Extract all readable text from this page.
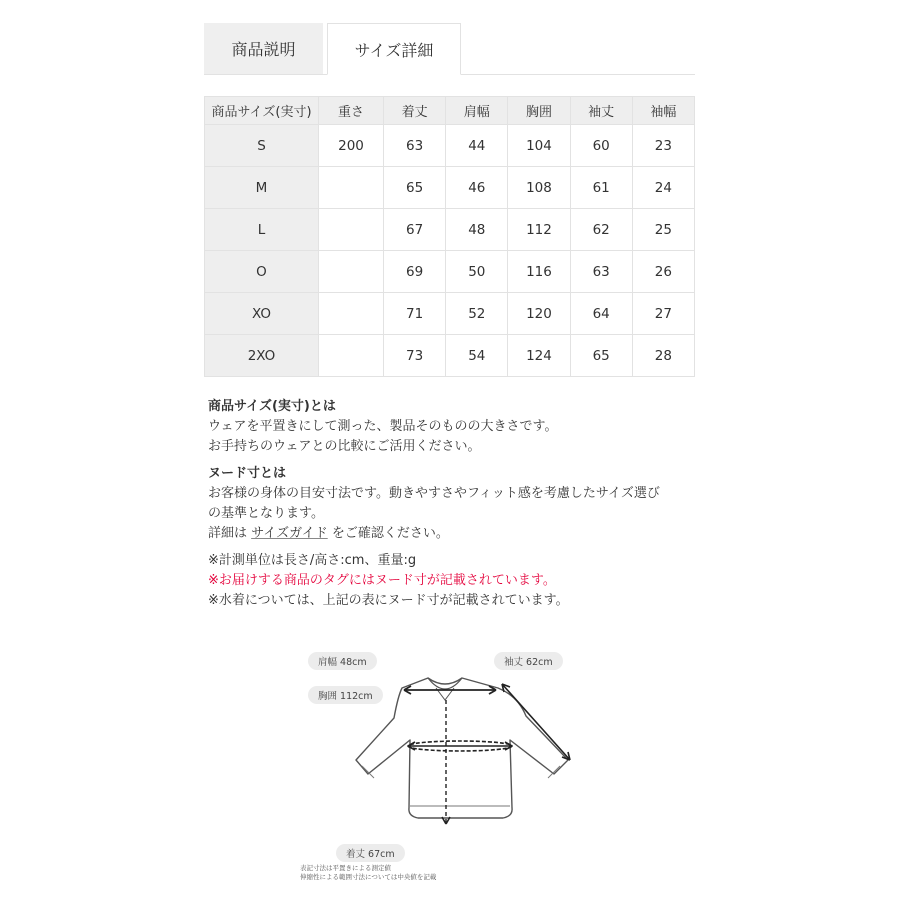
商品説明	サイズ詳細
商品サイズ(実寸)	重さ	着丈	肩幅	胸囲	袖丈	袖幅
S	200	63	44	104	60	23
M		65	46	108	61	24
L		67	48	112	62	25
O		69	50	116	63	26
XO		71	52	120	64	27
2XO		73	54	124	65	28
商品サイズ(実寸)とは
ウェアを平置きにして測った、製品そのものの大きさです。
お手持ちのウェアとの比較にご活用ください。
ヌード寸とは
お客様の身体の目安寸法です。動きやすさやフィット感を考慮したサイズ選び
の基準となります。
詳細は サイズガイド をご確認ください。
※計測単位は長さ/高さ:cm、重量:g
※お届けする商品のタグにはヌード寸が記載されています。
※水着については、上記の表にヌード寸が記載されています。
肩幅 48cm
胸囲 112cm
袖丈 62cm
着丈 67cm
表記寸法は平置きによる測定値
伸縮性による範囲寸法については中央値を記載
